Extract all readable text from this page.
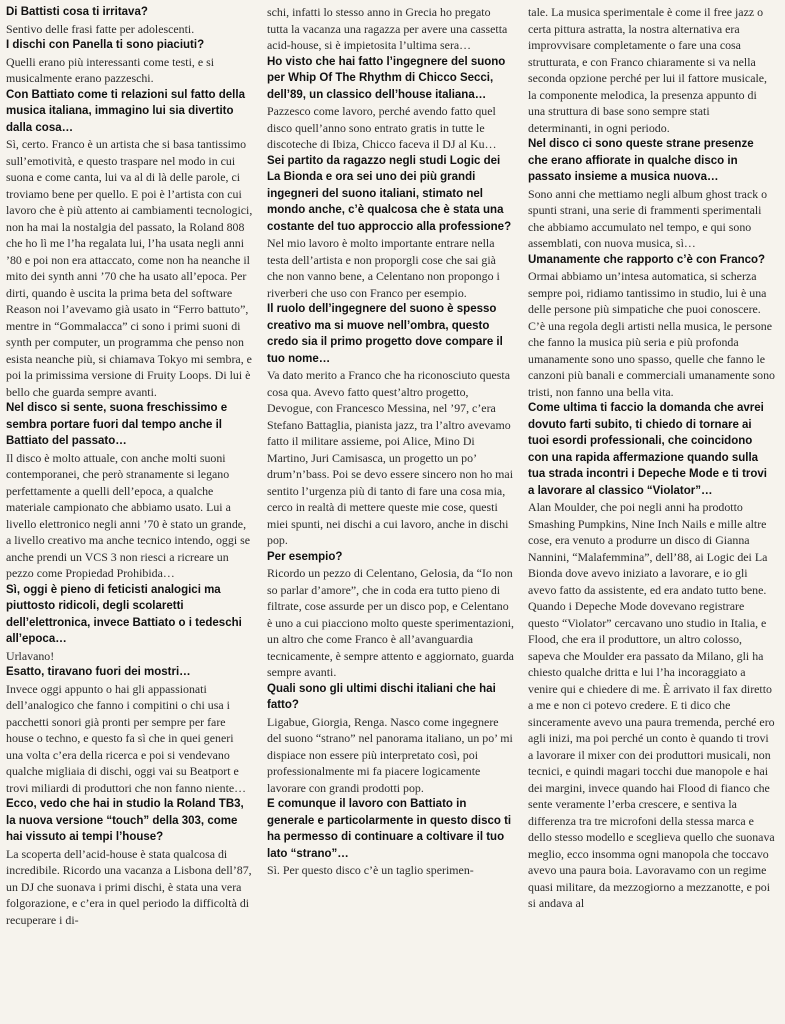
Di Battisti cosa ti irritava?

Sentivo delle frasi fatte per adolescenti.

I dischi con Panella ti sono piaciuti?

Quelli erano più interessanti come testi, e si musicalmente erano pazzeschi.

Con Battiato come ti relazioni sul fatto della musica italiana, immagino lui sia divertito dalla cosa…

Sì, certo. Franco è un artista che si basa tantissimo sull’emotività, e questo traspare nel modo in cui suona e come canta, lui va al di là delle parole, ci troviamo bene per quello. E poi è l’artista con cui lavoro che è più attento ai cambiamenti tecnologici, non ha mai la nostalgia del passato, la Roland 808 che ho lì me l’ha regalata lui, l’ha usata negli anni ’80 e poi non era attaccato, come non ha neanche il mito dei synth anni ’70 che ha usato all’epoca. Per dirti, quando è uscita la prima beta del software Reason noi l’avevamo già usato in “Ferro battuto”, mentre in “Gommalacca” ci sono i primi suoni di synth per computer, un programma che penso non esista neanche più, si chiamava Tokyo mi sembra, e poi la primissima versione di Fruity Loops. Di lui è bello che guarda sempre avanti.

Nel disco si sente, suona freschissimo e sembra portare fuori dal tempo anche il Battiato del passato…

Il disco è molto attuale, con anche molti suoni contemporanei, che però stranamente si legano perfettamente a quelli dell’epoca, a qualche materiale campionato che abbiamo usato. Lui a livello elettronico negli anni ’70 è stato un grande, a livello creativo ma anche tecnico intendo, oggi se anche prendi un VCS 3 non riesci a ricreare un pezzo come Propiedad Prohibida…

Sì, oggi è pieno di feticisti analogici ma piuttosto ridicoli, degli scolaretti dell’elettronica, invece Battiato o i tedeschi all’epoca…

Urlavano!

Esatto, tiravano fuori dei mostri…

Invece oggi appunto o hai gli appassionati dell’analogico che fanno i compitini o chi usa i pacchetti sonori già pronti per sempre per fare house o techno, e questo fa sì che in quei generi una volta c’era della ricerca e poi si vendevano qualche migliaia di dischi, oggi vai su Beatport e trovi miliardi di produttori che non fanno niente…

Ecco, vedo che hai in studio la Roland TB3, la nuova versione “touch” della 303, come hai vissuto ai tempi l’house?

La scoperta dell’acid-house è stata qualcosa di incredibile. Ricordo una vacanza a Lisbona dell’87, un DJ che suonava i primi dischi, è stata una vera folgorazione, e c’era in quel periodo la difficoltà di recuperare i di-

schi, infatti lo stesso anno in Grecia ho pregato tutta la vacanza una ragazza per avere una cassetta acid-house, si è impietosita l’ultima sera…

Ho visto che hai fatto l’ingegnere del suono per Whip Of The Rhythm di Chicco Secci, dell’89, un classico dell’house italiana…

Pazzesco come lavoro, perché avendo fatto quel disco quell’anno sono entrato gratis in tutte le discoteche di Ibiza, Chicco faceva il DJ al Ku…

Sei partito da ragazzo negli studi Logic dei La Bionda e ora sei uno dei più grandi ingegneri del suono italiani, stimato nel mondo anche, c’è qualcosa che è stata una costante del tuo approccio alla professione?

Nel mio lavoro è molto importante entrare nella testa dell’artista e non proporgli cose che sai già che non vanno bene, a Celentano non propongo i riverberi che uso con Franco per esempio.

Il ruolo dell’ingegnere del suono è spesso creativo ma si muove nell’ombra, questo credo sia il primo progetto dove compare il tuo nome…

Va dato merito a Franco che ha riconosciuto questa cosa qua. Avevo fatto quest’altro progetto, Devogue, con Francesco Messina, nel ’97, c’era Stefano Battaglia, pianista jazz, tra l’altro avevamo fatto il militare assieme, poi Alice, Mino Di Martino, Juri Camisasca, un progetto un po’ drum’n’bass. Poi se devo essere sincero non ho mai sentito l’urgenza più di tanto di fare una cosa mia, cerco in realtà di mettere queste mie cose, questi miei spunti, nei dischi a cui lavoro, anche in dischi pop.

Per esempio?

Ricordo un pezzo di Celentano, Gelosia, da “Io non so parlar d’amore”, che in coda era tutto pieno di filtrate, cose assurde per un disco pop, e Celentano è uno a cui piacciono molto queste sperimentazioni, un altro che come Franco è all’avanguardia tecnicamente, è sempre attento e aggiornato, guarda sempre avanti.

Quali sono gli ultimi dischi italiani che hai fatto?

Ligabue, Giorgia, Renga. Nasco come ingegnere del suono “strano” nel panorama italiano, un po’ mi dispiace non essere più interpretato così, poi professionalmente mi fa piacere logicamente lavorare con grandi prodotti pop.

E comunque il lavoro con Battiato in generale e particolarmente in questo disco ti ha permesso di continuare a coltivare il tuo lato “strano”…

Sì. Per questo disco c’è un taglio sperimen-

tale. La musica sperimentale è come il free jazz o certa pittura astratta, la nostra alternativa era improvvisare completamente o fare una cosa strutturata, e con Franco chiaramente si va nella seconda opzione perché per lui il fattore musicale, la componente melodica, la presenza appunto di una struttura di base sono sempre stati determinanti, in ogni periodo.

Nel disco ci sono queste strane presenze che erano affiorate in qualche disco in passato insieme a musica nuova…

Sono anni che mettiamo negli album ghost track o spunti strani, una serie di frammenti sperimentali che abbiamo accumulato nel tempo, e qui sono assemblati, con nuova musica, sì…

Umanamente che rapporto c’è con Franco?

Ormai abbiamo un’intesa automatica, si scherza sempre poi, ridiamo tantissimo in studio, lui è una delle persone più simpatiche che puoi conoscere. C’è una regola degli artisti nella musica, le persone che fanno la musica più seria e più profonda umanamente sono uno spasso, quelle che fanno le canzoni più banali e commerciali umanamente sono tristi, non fanno una bella vita.

Come ultima ti faccio la domanda che avrei dovuto farti subito, ti chiedo di tornare ai tuoi esordi professionali, che coincidono con una rapida affermazione quando sulla tua strada incontri i Depeche Mode e ti trovi a lavorare al classico “Violator”…

Alan Moulder, che poi negli anni ha prodotto Smashing Pumpkins, Nine Inch Nails e mille altre cose, era venuto a produrre un disco di Gianna Nannini, “Malafemmina”, dell’88, ai Logic dei La Bionda dove avevo iniziato a lavorare, e io gli avevo fatto da assistente, ed era andato tutto bene. Quando i Depeche Mode dovevano registrare questo “Violator” cercavano uno studio in Italia, e Flood, che era il produttore, un altro colosso, sapeva che Moulder era passato da Milano, gli ha chiesto qualche dritta e lui l’ha incoraggiato a venire qui e chiedere di me. È arrivato il fax diretto a me e non ci potevo credere. E ti dico che sinceramente avevo una paura tremenda, perché ero agli inizi, ma poi perché un conto è quando ti trovi a lavorare il mixer con dei produttori musicali, non tecnici, e quindi magari tocchi due manopole e hai dei margini, invece quando hai Flood di fianco che sente veramente l’erba crescere, e sentiva la differenza tra tre microfoni della stessa marca e dello stesso modello e sceglieva quello che suonava meglio, ecco insomma ogni manopola che toccavo avevo una paura boia. Lavoravamo con un regime quasi militare, da mezzogiorno a mezzanotte, e poi si andava al
